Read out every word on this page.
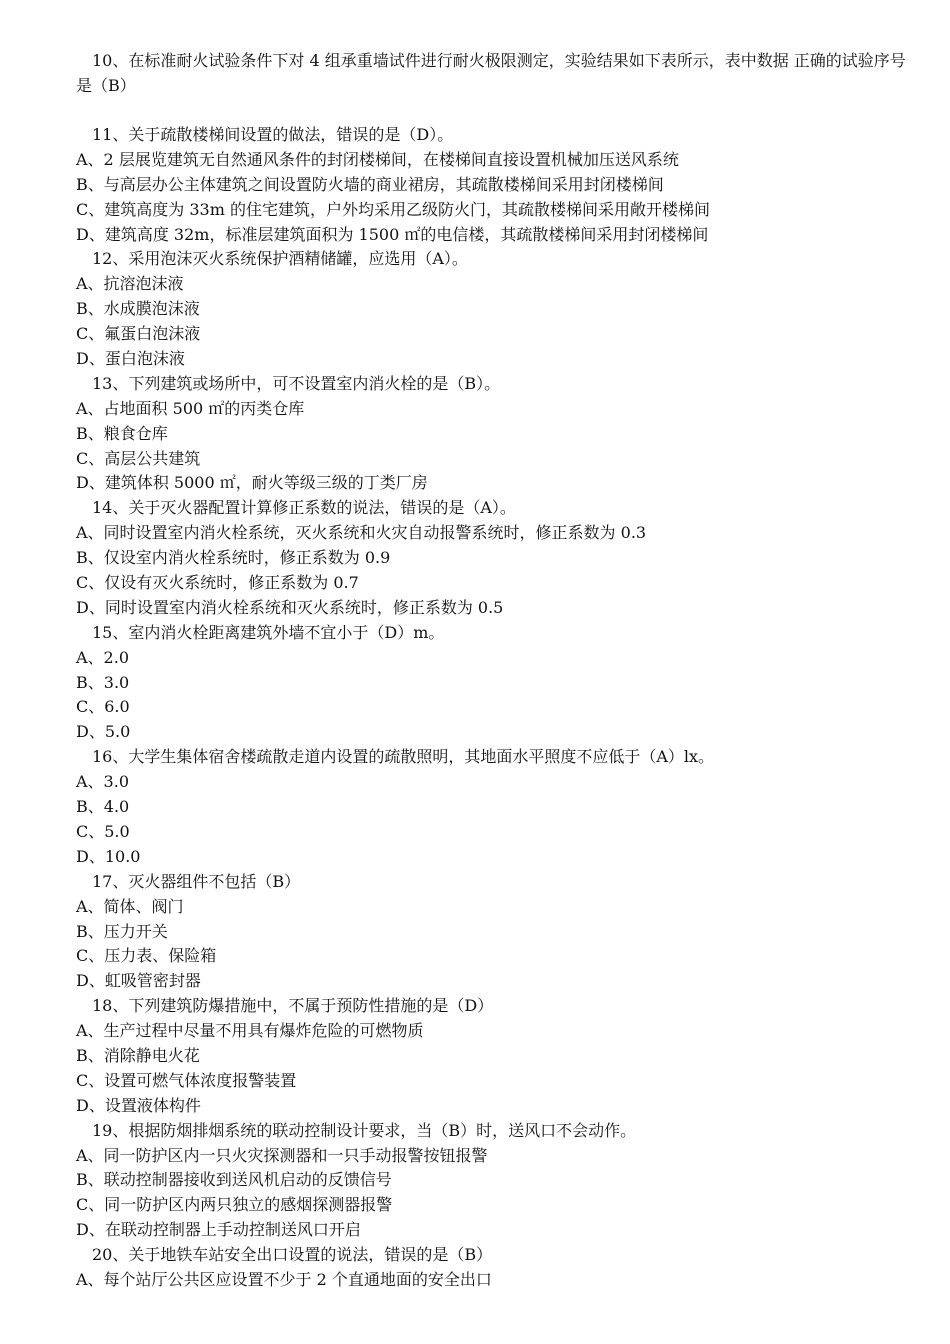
10、在标准耐火试验条件下对 4 组承重墙试件进行耐火极限测定，实验结果如下表所示，表中数据 正确的试验序号是（B）

11、关于疏散楼梯间设置的做法，错误的是（D）。
A、2 层展览建筑无自然通风条件的封闭楼梯间，在楼梯间直接设置机械加压送风系统
B、与高层办公主体建筑之间设置防火墙的商业裙房，其疏散楼梯间采用封闭楼梯间
C、建筑高度为 33m 的住宅建筑，户外均采用乙级防火门，其疏散楼梯间采用敞开楼梯间
D、建筑高度 32m，标准层建筑面积为 1500 ㎡的电信楼，其疏散楼梯间采用封闭楼梯间
12、采用泡沫灭火系统保护酒精储罐，应选用（A）。
A、抗溶泡沫液
B、水成膜泡沫液
C、氟蛋白泡沫液
D、蛋白泡沫液
13、下列建筑或场所中，可不设置室内消火栓的是（B）。
A、占地面积 500 ㎡的丙类仓库
B、粮食仓库
C、高层公共建筑
D、建筑体积 5000 ㎡，耐火等级三级的丁类厂房
14、关于灭火器配置计算修正系数的说法，错误的是（A）。
A、同时设置室内消火栓系统，灭火系统和火灾自动报警系统时，修正系数为 0.3
B、仅设室内消火栓系统时，修正系数为 0.9
C、仅设有灭火系统时，修正系数为 0.7
D、同时设置室内消火栓系统和灭火系统时，修正系数为 0.5
15、室内消火栓距离建筑外墙不宜小于（D）m。
A、2.0
B、3.0
C、6.0
D、5.0
16、大学生集体宿舍楼疏散走道内设置的疏散照明，其地面水平照度不应低于（A）lx。
A、3.0
B、4.0
C、5.0
D、10.0
17、灭火器组件不包括（B）
A、简体、阀门
B、压力开关
C、压力表、保险箱
D、虹吸管密封器
18、下列建筑防爆措施中，不属于预防性措施的是（D）
A、生产过程中尽量不用具有爆炸危险的可燃物质
B、消除静电火花
C、设置可燃气体浓度报警装置
D、设置液体构件
19、根据防烟排烟系统的联动控制设计要求，当（B）时，送风口不会动作。
A、同一防护区内一只火灾探测器和一只手动报警按钮报警
B、联动控制器接收到送风机启动的反馈信号
C、同一防护区内两只独立的感烟探测器报警
D、在联动控制器上手动控制送风口开启
20、关于地铁车站安全出口设置的说法，错误的是（B）
A、每个站厅公共区应设置不少于 2 个直通地面的安全出口
